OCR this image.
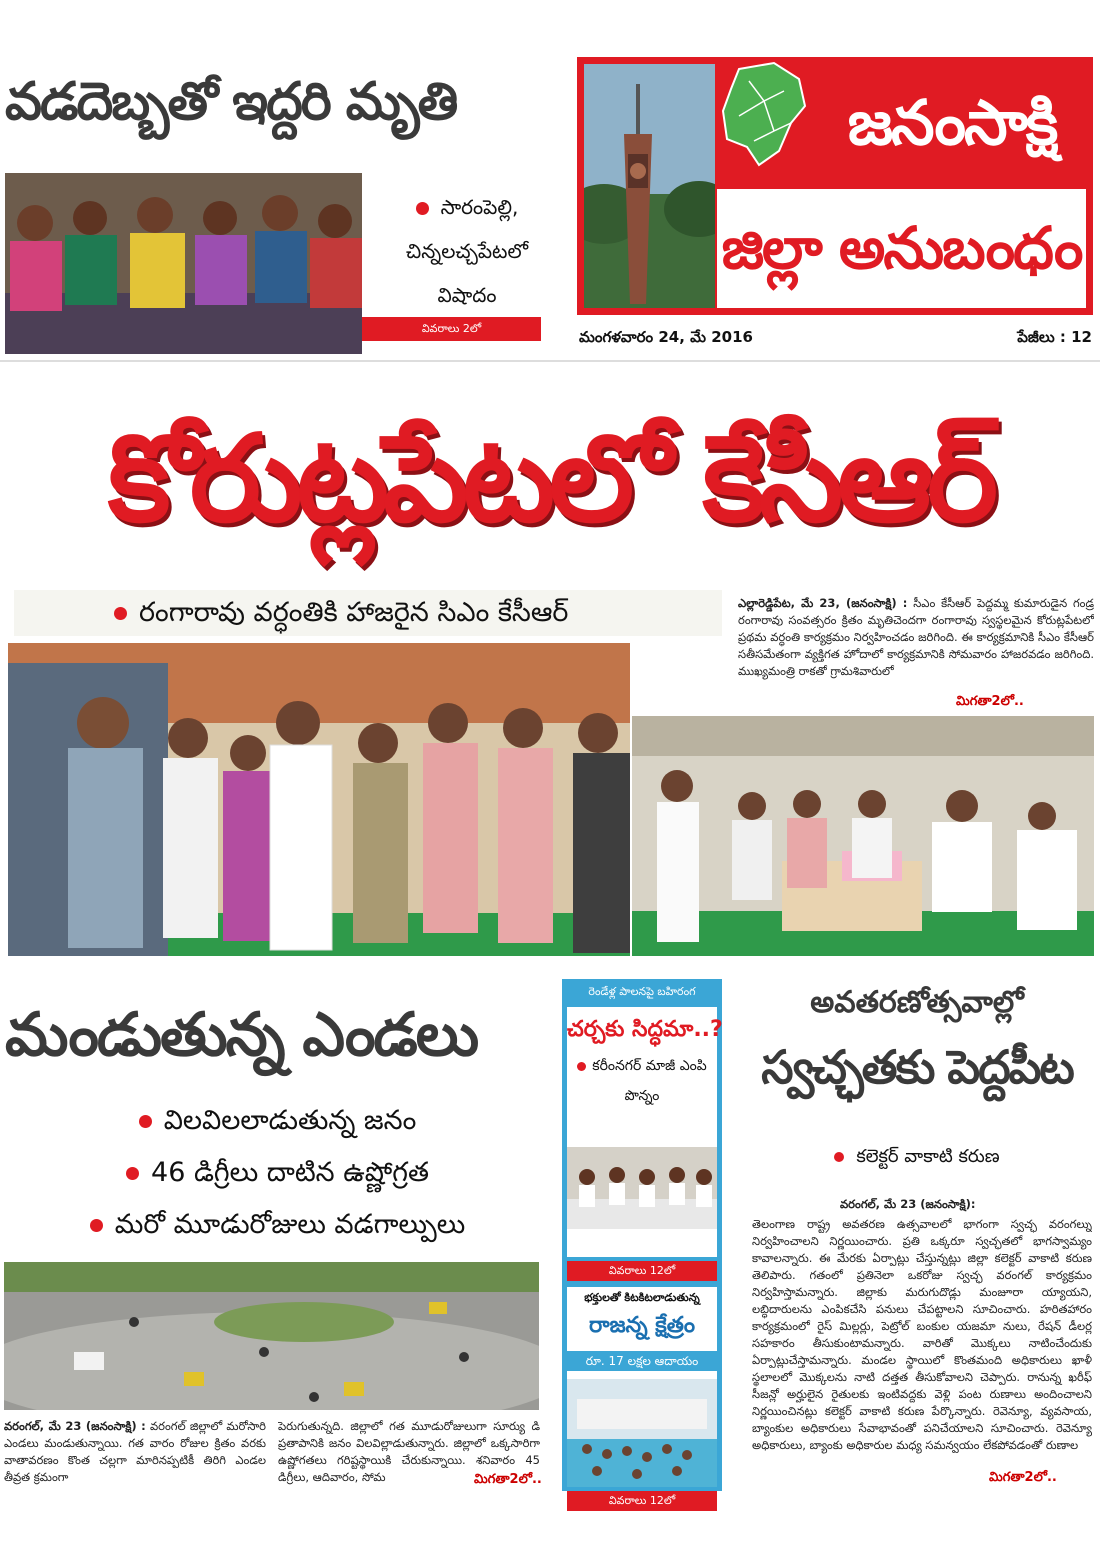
జనంసాక్షి
జిల్లా అనుబంధం
మంగళవారం 24, మే 2016	పేజీలు : 12
వడదెబ్బతో ఇద్దరి మృతి
సారంపెల్లి, చిన్నలచ్చపేటలో విషాదం
వివరాలు 2లో
కోరుట్లపేటలో కేసీఆర్
రంగారావు వర్ధంతికి హాజరైన సిఎం కేసీఆర్	ఎల్లారెడ్డిపేట, మే 23, (జనంసాక్షి) : సీఎం కేసీఆర్ పెద్దమ్మ కుమారుడైన గండ్ర రంగారావు సంవత్సరం క్రితం మృతిచెందగా రంగారావు స్వస్థలమైన కోరుట్లపేటలో ప్రథమ వర్ధంతి కార్యక్రమం నిర్వహించడం జరిగింది. ఈ కార్యక్రమానికి సీఎం కేసీఆర్ సతీసమేతంగా వ్యక్తిగత హోదాలో కార్యక్రమానికి సోమవారం హాజరవడం జరిగింది. ముఖ్యమంత్రి రాకతో గ్రామశివారులో
మిగతా2లో..
మండుతున్న ఎండలు
విలవిలలాడుతున్న జనం
46 డిగ్రీలు దాటిన ఉష్ణోగ్రత
మరో మూడురోజులు వడగాల్పులు
వరంగల్, మే 23 (జనంసాక్షి) : వరంగల్ జిల్లాలో మరోసారి ఎండలు మండుతున్నాయి. గత వారం రోజుల క్రితం వరకు వాతావరణం కొంత చల్లగా మారినప్పటికీ తిరిగి ఎండల తీవ్రత క్రమంగా
పెరుగుతున్నది. జిల్లాలో గత మూడురోజులుగా సూర్యు డి ప్రతాపానికి జనం విలవిల్లాడుతున్నారు. జిల్లాలో ఒక్కసారిగా ఉష్ణోగతలు గరిష్టస్థాయికి చేరుకున్నాయి. శనివారం 45 డిగ్రీలు, ఆదివారం, సోమ	మిగతా2లో..
రెండేళ్ల పాలనపై బహిరంగ
చర్చకు సిద్ధమా..?
కరీంనగర్ మాజీ ఎంపి పొన్నం
వివరాలు 12లో
భక్తులతో కిటకిటలాడుతున్న
రాజన్న క్షేత్రం
రూ. 17 లక్షల ఆదాయం
వివరాలు 12లో
అవతరణోత్సవాల్లో
స్వచ్ఛతకు పెద్దపీట
కలెక్టర్ వాకాటి కరుణ
వరంగల్, మే 23 (జనంసాక్షి):
తెలంగాణ రాష్ట్ర అవతరణ ఉత్సవాలలో భాగంగా స్వచ్ఛ వరంగల్ను నిర్వహించాలని నిర్ణయించారు. ప్రతి ఒక్కరూ స్వచ్ఛతలో భాగస్వామ్యం కావాలన్నారు. ఈ మేరకు ఏర్పాట్లు చేస్తున్నట్లు జిల్లా కలెక్టర్ వాకాటి కరుణ తెలిపారు. గతంలో ప్రతినెలా ఒకరోజు స్వచ్ఛ వరంగల్ కార్యక్రమం నిర్వహిస్తామన్నారు. జిల్లాకు మరుగుదొడ్లు మంజూరా య్యాయని, లబ్ధిదారులను ఎంపికచేసి పనులు చేపట్టాలని సూచించారు. హరితహారం కార్యక్రమంలో రైస్ మిల్లర్లు, పెట్రోల్ బంకుల యజమా నులు, రేషన్ డీలర్ల సహకారం తీసుకుంటామన్నారు. వారితో మొక్కలు నాటించేందుకు ఏర్పాట్లుచేస్తామన్నారు. మండల స్థాయిలో కొంతమంది అధికారులు ఖాళీ స్థలాలలో మొక్కలను నాటి దత్తత తీసుకోవాలని చెప్పారు. రానున్న ఖరీఫ్ సీజన్లో అర్హులైన రైతులకు ఇంటివద్దకు వెళ్లి పంట రుణాలు అందించాలని నిర్ణయించినట్లు కలెక్టర్ వాకాటి కరుణ పేర్కొన్నారు. రెవెన్యూ, వ్యవసాయ, బ్యాంకుల అధికారులు సేవాభావంతో పనిచేయాలని సూచించారు. రెవెన్యూ అధికారులు, బ్యాంకు అధికారుల మధ్య సమన్వయం లేకపోవడంతో రుణాల
మిగతా2లో..
